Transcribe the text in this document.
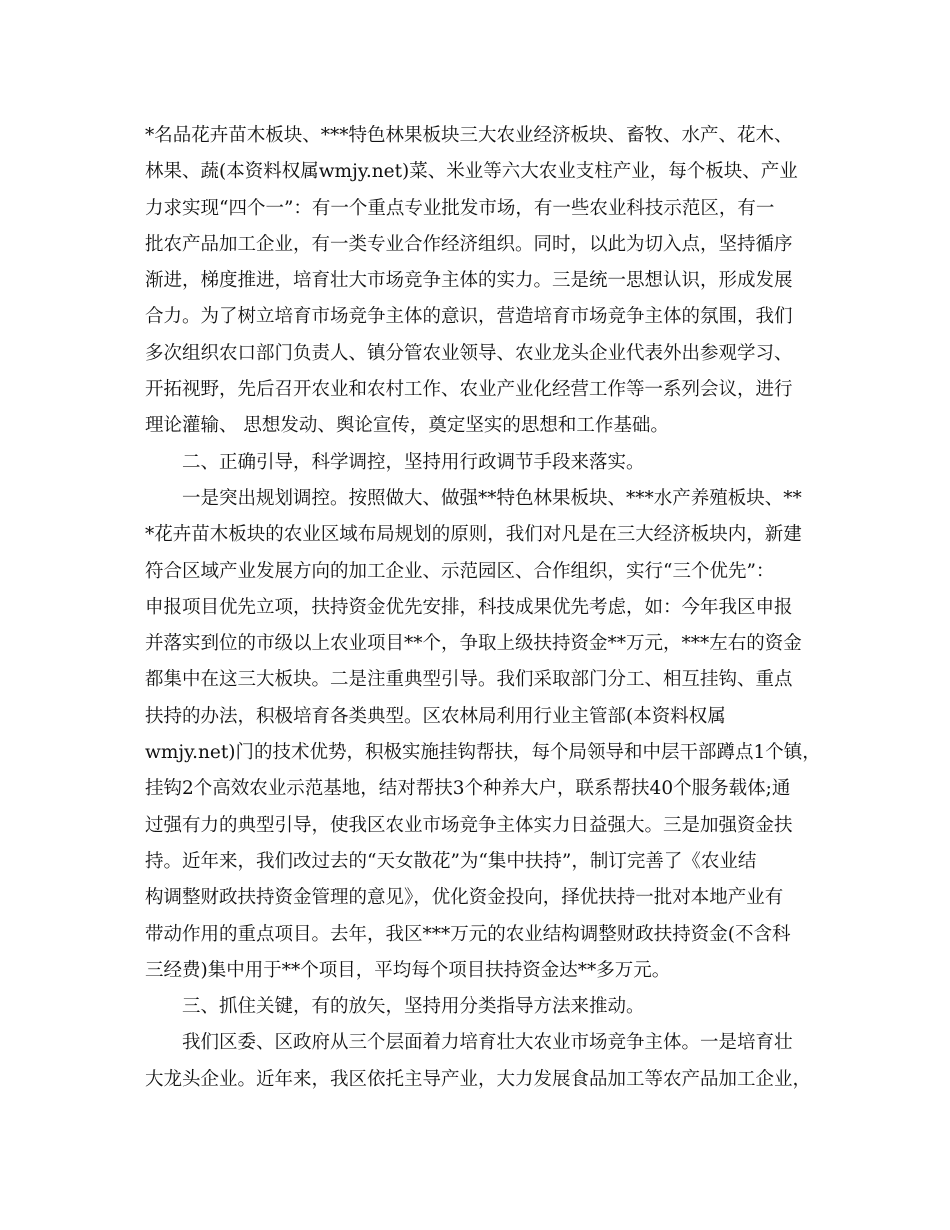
*名品花卉苗木板块、***特色林果板块三大农业经济板块、畜牧、水产、花木、
林果、蔬(本资料权属wmjy.net)菜、米业等六大农业支柱产业，每个板块、产业
力求实现“四个一”：有一个重点专业批发市场，有一些农业科技示范区，有一
批农产品加工企业，有一类专业合作经济组织。同时，以此为切入点，坚持循序
渐进，梯度推进，培育壮大市场竞争主体的实力。三是统一思想认识，形成发展
合力。为了树立培育市场竞争主体的意识，营造培育市场竞争主体的氛围，我们
多次组织农口部门负责人、镇分管农业领导、农业龙头企业代表外出参观学习、
开拓视野，先后召开农业和农村工作、农业产业化经营工作等一系列会议，进行
理论灌输、 思想发动、舆论宣传，奠定坚实的思想和工作基础。
二、正确引导，科学调控，坚持用行政调节手段来落实。
一是突出规划调控。按照做大、做强**特色林果板块、***水产养殖板块、**
*花卉苗木板块的农业区域布局规划的原则，我们对凡是在三大经济板块内，新建
符合区域产业发展方向的加工企业、示范园区、合作组织，实行“三个优先”：
申报项目优先立项，扶持资金优先安排，科技成果优先考虑，如：今年我区申报
并落实到位的市级以上农业项目**个，争取上级扶持资金**万元，***左右的资金
都集中在这三大板块。二是注重典型引导。我们采取部门分工、相互挂钩、重点
扶持的办法，积极培育各类典型。区农林局利用行业主管部(本资料权属
wmjy.net)门的技术优势，积极实施挂钩帮扶，每个局领导和中层干部蹲点1个镇，
挂钩2个高效农业示范基地，结对帮扶3个种养大户，联系帮扶40个服务载体;通
过强有力的典型引导，使我区农业市场竞争主体实力日益强大。三是加强资金扶
持。近年来，我们改过去的“天女散花”为“集中扶持”，制订完善了《农业结
构调整财政扶持资金管理的意见》，优化资金投向，择优扶持一批对本地产业有
带动作用的重点项目。去年，我区***万元的农业结构调整财政扶持资金(不含科
三经费)集中用于**个项目，平均每个项目扶持资金达**多万元。
三、抓住关键，有的放矢，坚持用分类指导方法来推动。
我们区委、区政府从三个层面着力培育壮大农业市场竞争主体。一是培育壮
大龙头企业。近年来，我区依托主导产业，大力发展食品加工等农产品加工企业，
